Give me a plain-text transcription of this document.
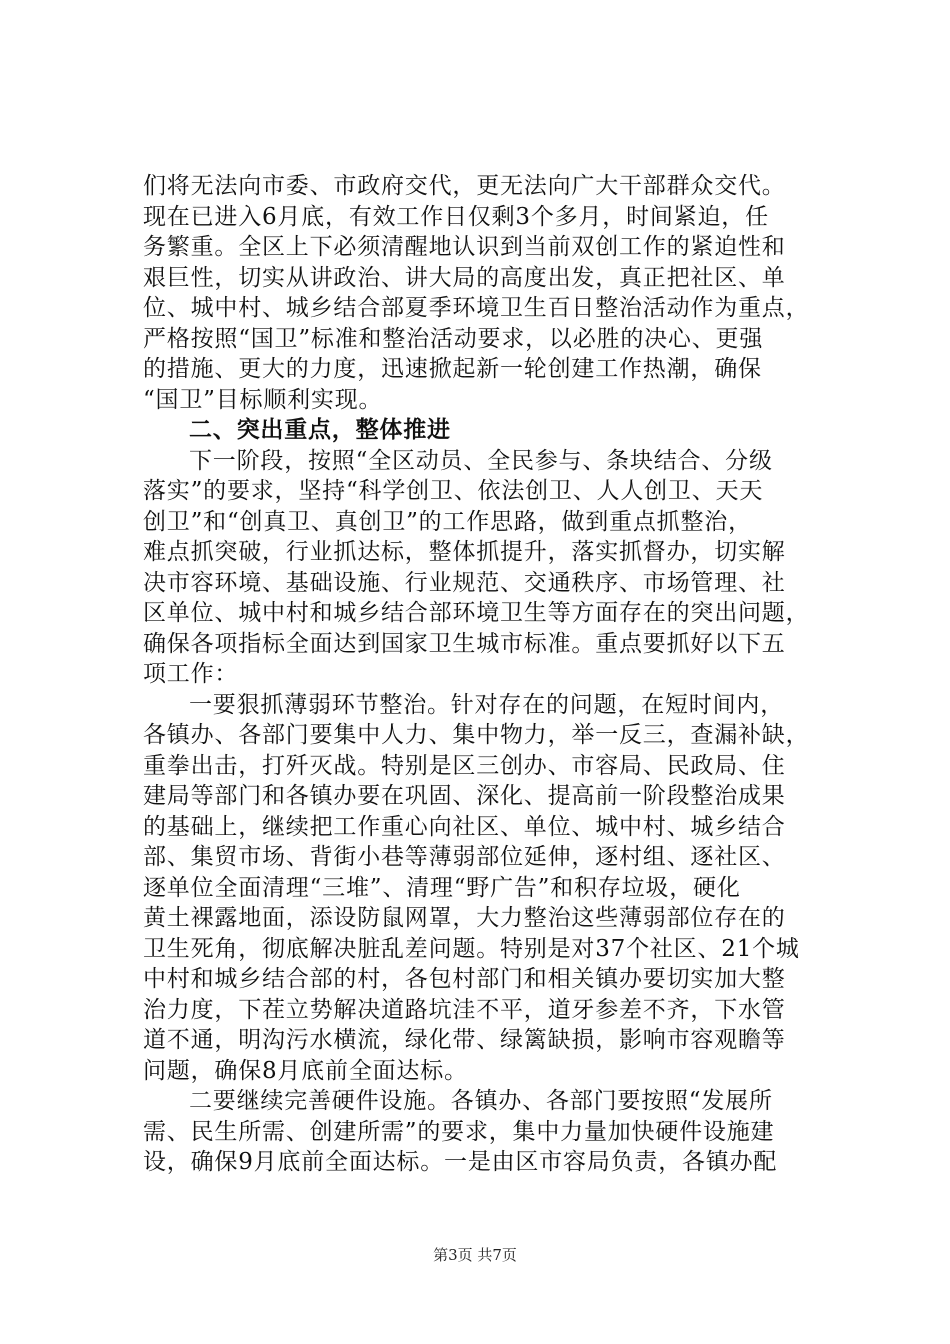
们将无法向市委、市政府交代，更无法向广大干部群众交代。
现在已进入6月底，有效工作日仅剩3个多月，时间紧迫，任
务繁重。全区上下必须清醒地认识到当前双创工作的紧迫性和
艰巨性，切实从讲政治、讲大局的高度出发，真正把社区、单
位、城中村、城乡结合部夏季环境卫生百日整治活动作为重点，
严格按照“国卫”标准和整治活动要求，以必胜的决心、更强
的措施、更大的力度，迅速掀起新一轮创建工作热潮，确保
“国卫”目标顺利实现。
二、突出重点，整体推进
下一阶段，按照“全区动员、全民参与、条块结合、分级
落实”的要求，坚持“科学创卫、依法创卫、人人创卫、天天
创卫”和“创真卫、真创卫”的工作思路，做到重点抓整治，
难点抓突破，行业抓达标，整体抓提升，落实抓督办，切实解
决市容环境、基础设施、行业规范、交通秩序、市场管理、社
区单位、城中村和城乡结合部环境卫生等方面存在的突出问题，
确保各项指标全面达到国家卫生城市标准。重点要抓好以下五
项工作：
一要狠抓薄弱环节整治。针对存在的问题，在短时间内，
各镇办、各部门要集中人力、集中物力，举一反三，查漏补缺，
重拳出击，打歼灭战。特别是区三创办、市容局、民政局、住
建局等部门和各镇办要在巩固、深化、提高前一阶段整治成果
的基础上，继续把工作重心向社区、单位、城中村、城乡结合
部、集贸市场、背街小巷等薄弱部位延伸，逐村组、逐社区、
逐单位全面清理“三堆”、清理“野广告”和积存垃圾，硬化
黄土裸露地面，添设防鼠网罩，大力整治这些薄弱部位存在的
卫生死角，彻底解决脏乱差问题。特别是对37个社区、21个城
中村和城乡结合部的村，各包村部门和相关镇办要切实加大整
治力度，下茬立势解决道路坑洼不平，道牙参差不齐，下水管
道不通，明沟污水横流，绿化带、绿篱缺损，影响市容观瞻等
问题，确保8月底前全面达标。
二要继续完善硬件设施。各镇办、各部门要按照“发展所
需、民生所需、创建所需”的要求，集中力量加快硬件设施建
设，确保9月底前全面达标。一是由区市容局负责，各镇办配
第3页 共7页
